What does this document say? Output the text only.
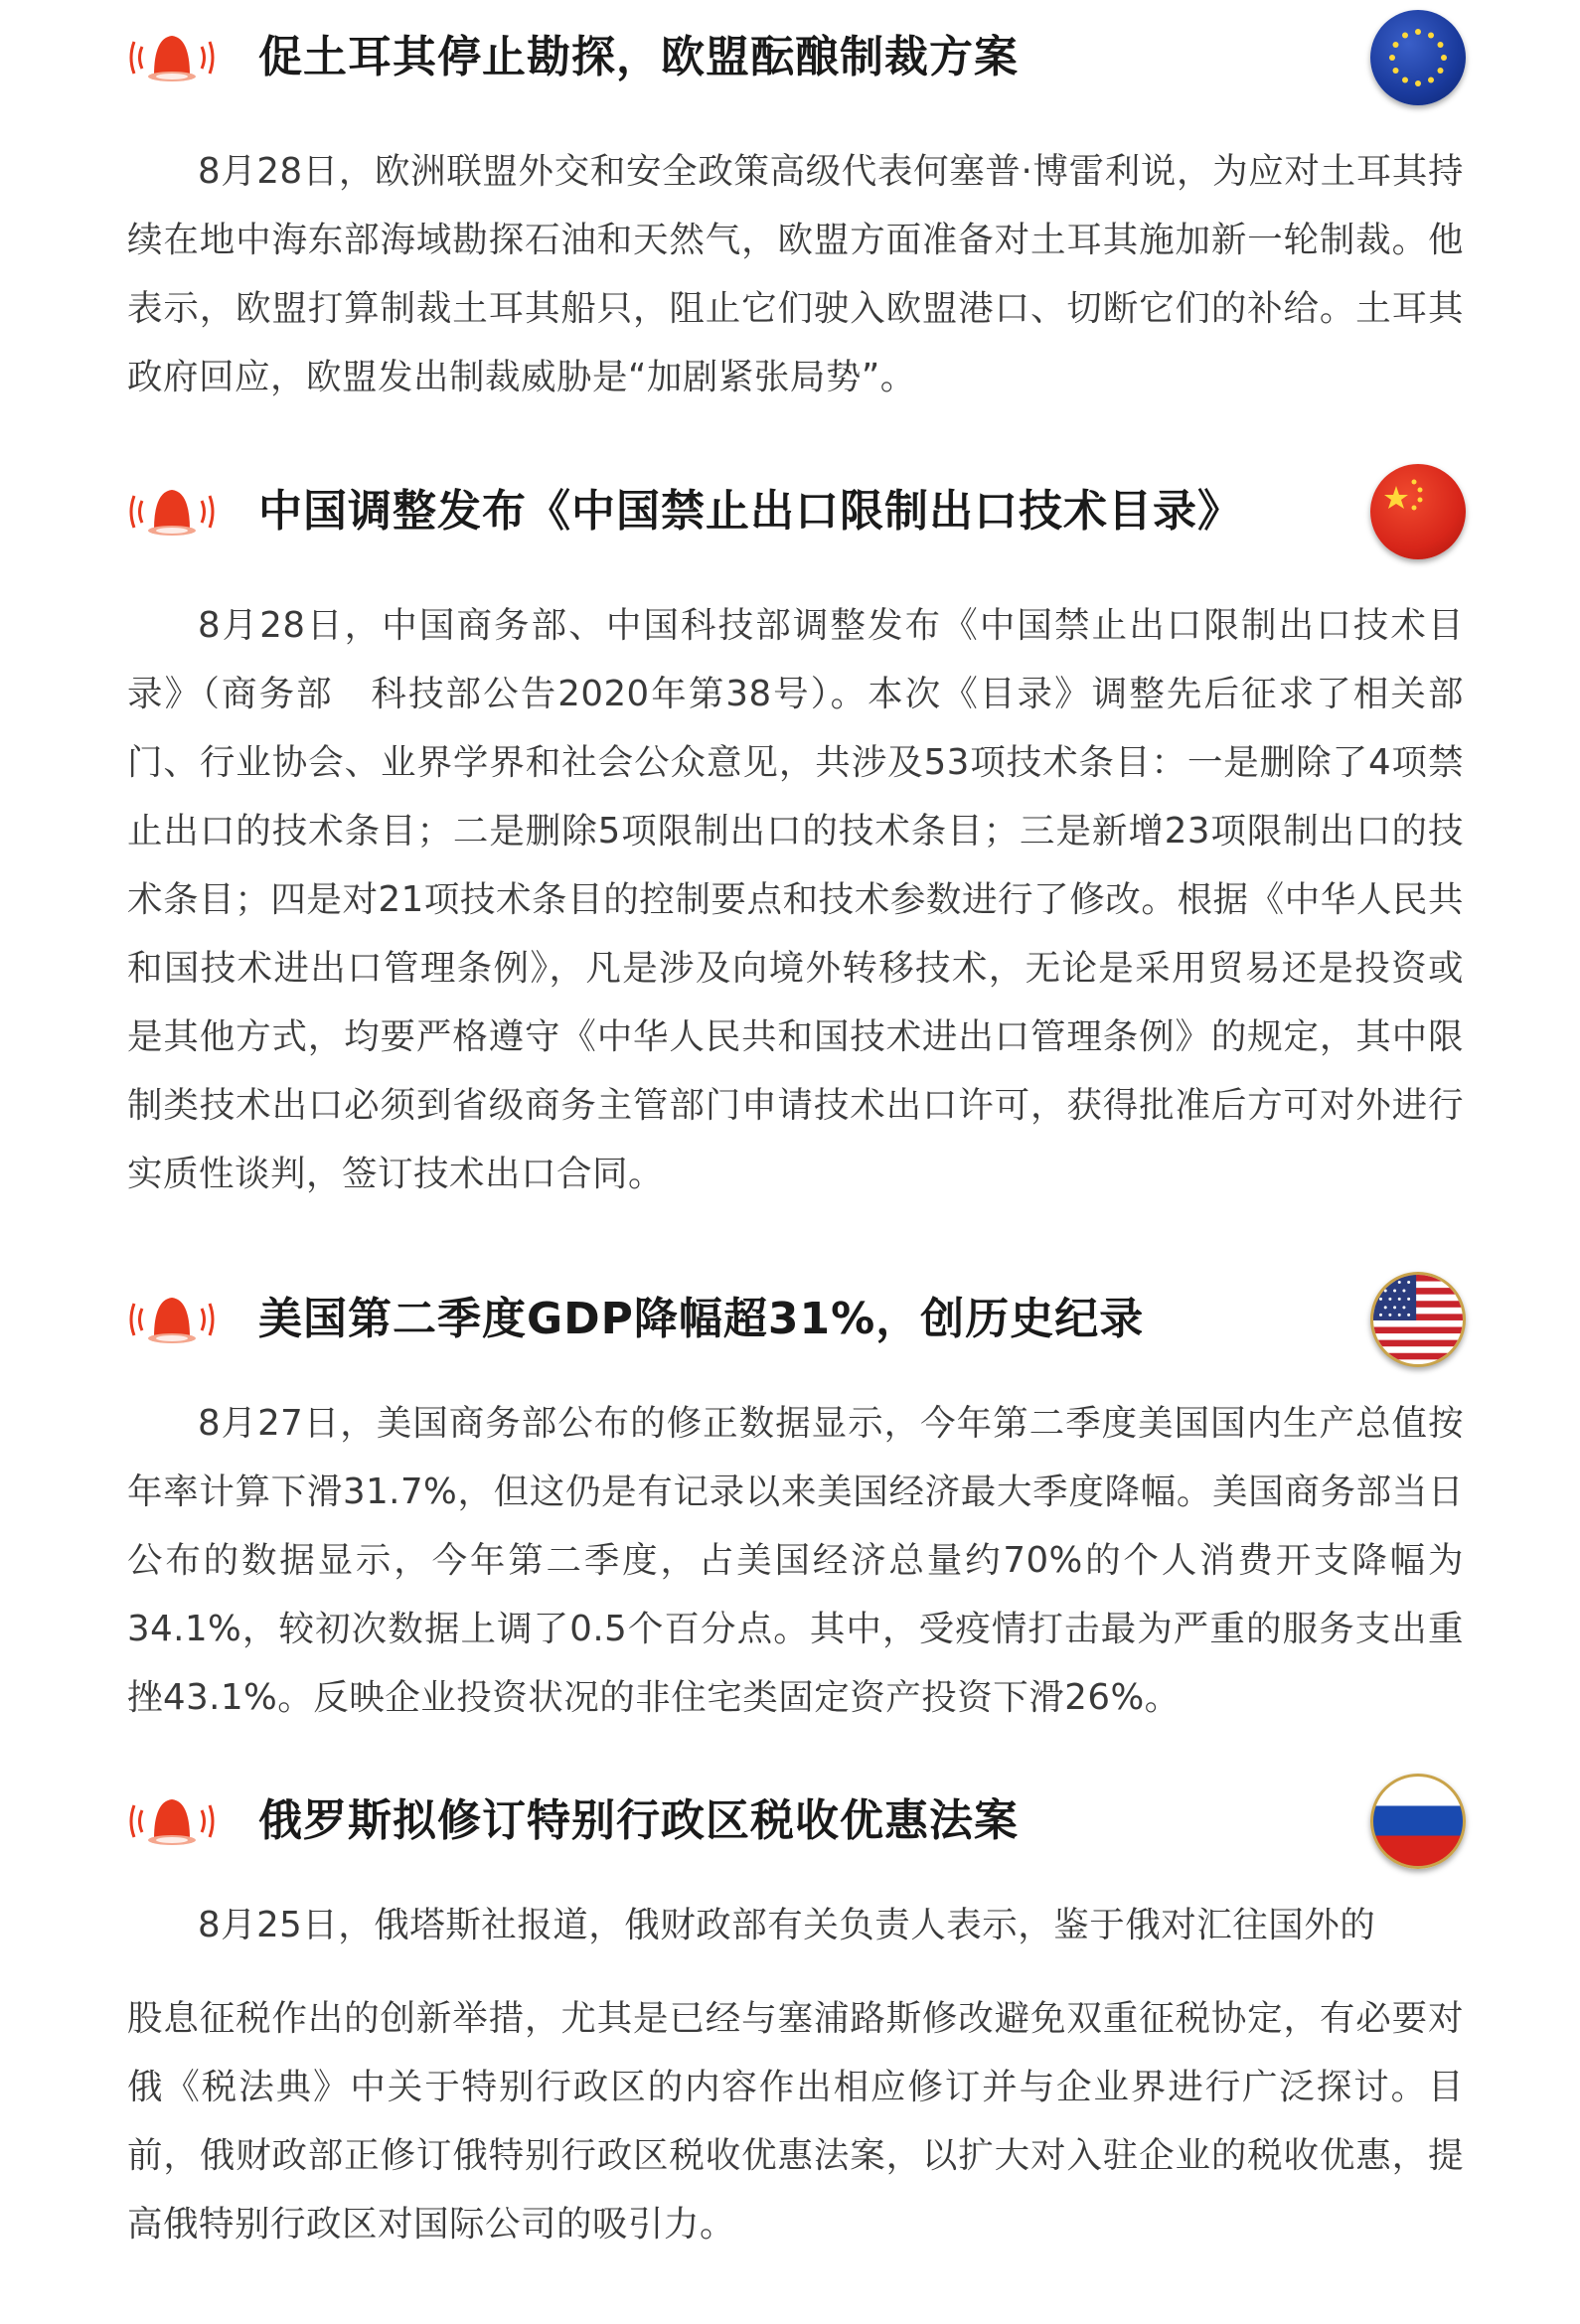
促土耳其停止勘探，欧盟酝酿制裁方案

8月28日，欧洲联盟外交和安全政策高级代表何塞普·博雷利说，为应对土耳其持续在地中海东部海域勘探石油和天然气，欧盟方面准备对土耳其施加新一轮制裁。他表示，欧盟打算制裁土耳其船只，阻止它们驶入欧盟港口、切断它们的补给。土耳其政府回应，欧盟发出制裁威胁是“加剧紧张局势”。

中国调整发布《中国禁止出口限制出口技术目录》

8月28日，中国商务部、中国科技部调整发布《中国禁止出口限制出口技术目录》（商务部　科技部公告2020年第38号）。本次《目录》调整先后征求了相关部门、行业协会、业界学界和社会公众意见，共涉及53项技术条目：一是删除了4项禁止出口的技术条目；二是删除5项限制出口的技术条目；三是新增23项限制出口的技术条目；四是对21项技术条目的控制要点和技术参数进行了修改。根据《中华人民共和国技术进出口管理条例》，凡是涉及向境外转移技术，无论是采用贸易还是投资或是其他方式，均要严格遵守《中华人民共和国技术进出口管理条例》的规定，其中限制类技术出口必须到省级商务主管部门申请技术出口许可，获得批准后方可对外进行实质性谈判，签订技术出口合同。

美国第二季度GDP降幅超31%，创历史纪录

8月27日，美国商务部公布的修正数据显示，今年第二季度美国国内生产总值按年率计算下滑31.7%，但这仍是有记录以来美国经济最大季度降幅。美国商务部当日公布的数据显示，今年第二季度，占美国经济总量约70%的个人消费开支降幅为34.1%，较初次数据上调了0.5个百分点。其中，受疫情打击最为严重的服务支出重挫43.1%。反映企业投资状况的非住宅类固定资产投资下滑26%。

俄罗斯拟修订特别行政区税收优惠法案

8月25日，俄塔斯社报道，俄财政部有关负责人表示，鉴于俄对汇往国外的

股息征税作出的创新举措，尤其是已经与塞浦路斯修改避免双重征税协定，有必要对俄《税法典》中关于特别行政区的内容作出相应修订并与企业界进行广泛探讨。目前，俄财政部正修订俄特别行政区税收优惠法案，以扩大对入驻企业的税收优惠，提高俄特别行政区对国际公司的吸引力。
